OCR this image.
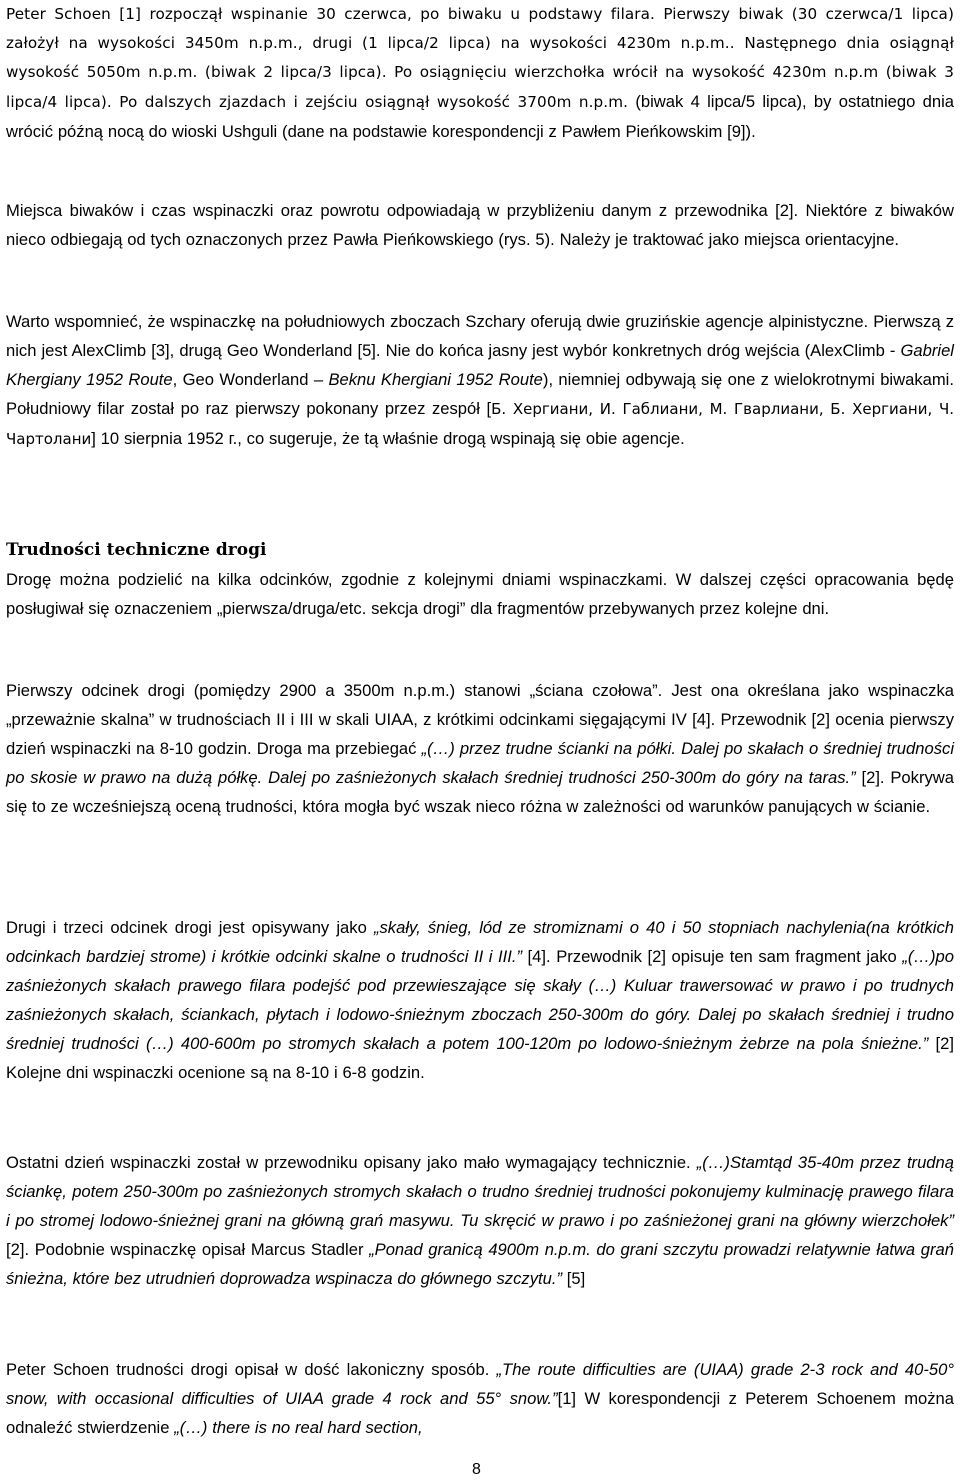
Peter Schoen [1] rozpoczął wspinanie 30 czerwca, po biwaku u podstawy filara. Pierwszy biwak (30 czerwca/1 lipca) założył na wysokości 3450m n.p.m., drugi (1 lipca/2 lipca) na wysokości 4230m n.p.m.. Następnego dnia osiągnął wysokość 5050m n.p.m. (biwak 2 lipca/3 lipca). Po osiągnięciu wierzchołka wrócił na wysokość 4230m n.p.m (biwak 3 lipca/4 lipca). Po dalszych zjazdach i zejściu osiągnął wysokość 3700m n.p.m. (biwak 4 lipca/5 lipca), by ostatniego dnia wrócić późną nocą do wioski Ushguli (dane na podstawie korespondencji z Pawłem Pieńkowskim [9]).

Miejsca biwaków i czas wspinaczki oraz powrotu odpowiadają w przybliżeniu danym z przewodnika [2]. Niektóre z biwaków nieco odbiegają od tych oznaczonych przez Pawła Pieńkowskiego (rys. 5). Należy je traktować jako miejsca orientacyjne.

Warto wspomnieć, że wspinaczkę na południowych zboczach Szchary oferują dwie gruzińskie agencje alpinistyczne. Pierwszą z nich jest AlexClimb [3], drugą Geo Wonderland [5]. Nie do końca jasny jest wybór konkretnych dróg wejścia (AlexClimb - Gabriel Khergiany 1952 Route, Geo Wonderland – Beknu Khergiani 1952 Route), niemniej odbywają się one z wielokrotnymi biwakami. Południowy filar został po raz pierwszy pokonany przez zespół [Б. Хергиани, И. Габлиани, М. Гварлиани, Б. Хергиани, Ч. Чартолани] 10 sierpnia 1952 г., co sugeruje, że tą właśnie drogą wspinają się obie agencje.

Trudności techniczne drogi

Drogę można podzielić na kilka odcinków, zgodnie z kolejnymi dniami wspinaczkami. W dalszej części opracowania będę posługiwał się oznaczeniem „pierwsza/druga/etc. sekcja drogi” dla fragmentów przebywanych przez kolejne dni.

Pierwszy odcinek drogi (pomiędzy 2900 a 3500m n.p.m.) stanowi „ściana czołowa”. Jest ona określana jako wspinaczka „przeważnie skalna” w trudnościach II i III w skali UIAA, z krótkimi odcinkami sięgającymi IV [4]. Przewodnik [2] ocenia pierwszy dzień wspinaczki na 8-10 godzin. Droga ma przebiegać „(…) przez trudne ścianki na półki. Dalej po skałach o średniej trudności po skosie w prawo na dużą półkę. Dalej po zaśnieżonych skałach średniej trudności 250-300m do góry na taras.” [2]. Pokrywa się to ze wcześniejszą oceną trudności, która mogła być wszak nieco różna w zależności od warunków panujących w ścianie.

Drugi i trzeci odcinek drogi jest opisywany jako „skały, śnieg, lód ze stromiznami o 40 i 50 stopniach nachylenia(na krótkich odcinkach bardziej strome) i krótkie odcinki skalne o trudności II i III.” [4]. Przewodnik [2] opisuje ten sam fragment jako „(…)po zaśnieżonych skałach prawego filara podejść pod przewieszające się skały (…) Kuluar trawersować w prawo i po trudnych zaśnieżonych skałach, ściankach, płytach i lodowo-śnieżnym zboczach 250-300m do góry. Dalej po skałach średniej i trudno średniej trudności (…) 400-600m po stromych skałach a potem 100-120m po lodowo-śnieżnym żebrze na pola śnieżne.” [2] Kolejne dni wspinaczki ocenione są na 8-10 i 6-8 godzin.

Ostatni dzień wspinaczki został w przewodniku opisany jako mało wymagający technicznie. „(…)Stamtąd 35-40m przez trudną ściankę, potem 250-300m po zaśnieżonych stromych skałach o trudno średniej trudności pokonujemy kulminację prawego filara i po stromej lodowo-śnieżnej grani na główną grań masywu. Tu skręcić w prawo i po zaśnieżonej grani na główny wierzchołek” [2]. Podobnie wspinaczkę opisał Marcus Stadler „Ponad granicą 4900m n.p.m. do grani szczytu prowadzi relatywnie łatwa grań śnieżna, które bez utrudnień doprowadza wspinacza do głównego szczytu.” [5]

Peter Schoen trudności drogi opisał w dość lakoniczny sposób. „The route difficulties are (UIAA) grade 2-3 rock and 40-50° snow, with occasional difficulties of UIAA grade 4 rock and 55° snow.”[1] W korespondencji z Peterem Schoenem można odnaleźć stwierdzenie „(…) there is no real hard section,

8
